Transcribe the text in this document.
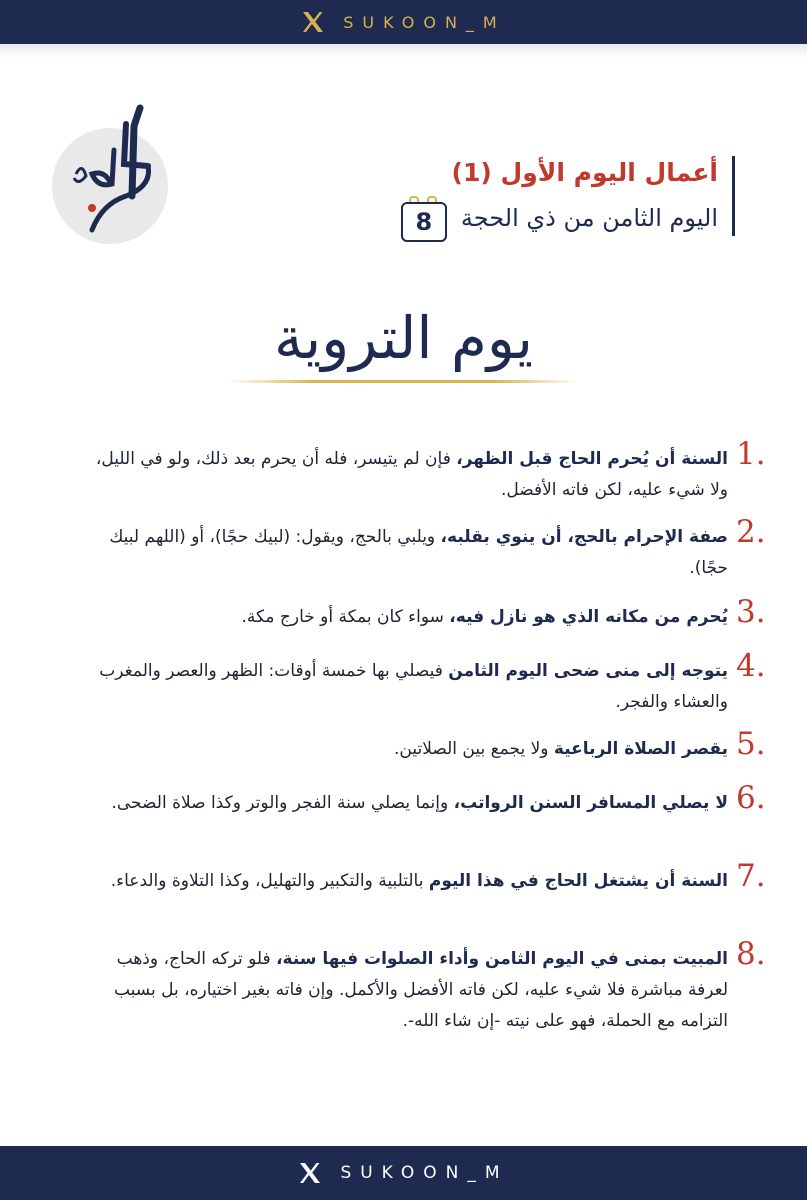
SUKOON_M
أعمال اليوم الأول (1)
اليوم الثامن من ذي الحجة
8
يوم التروية
1.
السنة أن يُحرم الحاج قبل الظهر، فإن لم يتيسر، فله أن يحرم بعد ذلك، ولو في الليل، ولا شيء عليه، لكن فاته الأفضل.
2.
صفة الإحرام بالحج، أن ينوي بقلبه، ويلبي بالحج، ويقول: (لبيك حجًا)، أو (اللهم لبيك حجًا).
3.
يُحرم من مكانه الذي هو نازل فيه، سواء كان بمكة أو خارج مكة.
4.
يتوجه إلى منى ضحى اليوم الثامن فيصلي بها خمسة أوقات: الظهر والعصر والمغرب والعشاء والفجر.
5.
يقصر الصلاة الرباعية ولا يجمع بين الصلاتين.
6.
لا يصلي المسافر السنن الرواتب، وإنما يصلي سنة الفجر والوتر وكذا صلاة الضحى.
7.
السنة أن يشتغل الحاج في هذا اليوم بالتلبية والتكبير والتهليل، وكذا التلاوة والدعاء.
8.
المبيت بمنى في اليوم الثامن وأداء الصلوات فيها سنة، فلو تركه الحاج، وذهب لعرفة مباشرة فلا شيء عليه، لكن فاته الأفضل والأكمل. وإن فاته بغير اختياره، بل بسبب التزامه مع الحملة، فهو على نيته -إن شاء الله-.
SUKOON_M
